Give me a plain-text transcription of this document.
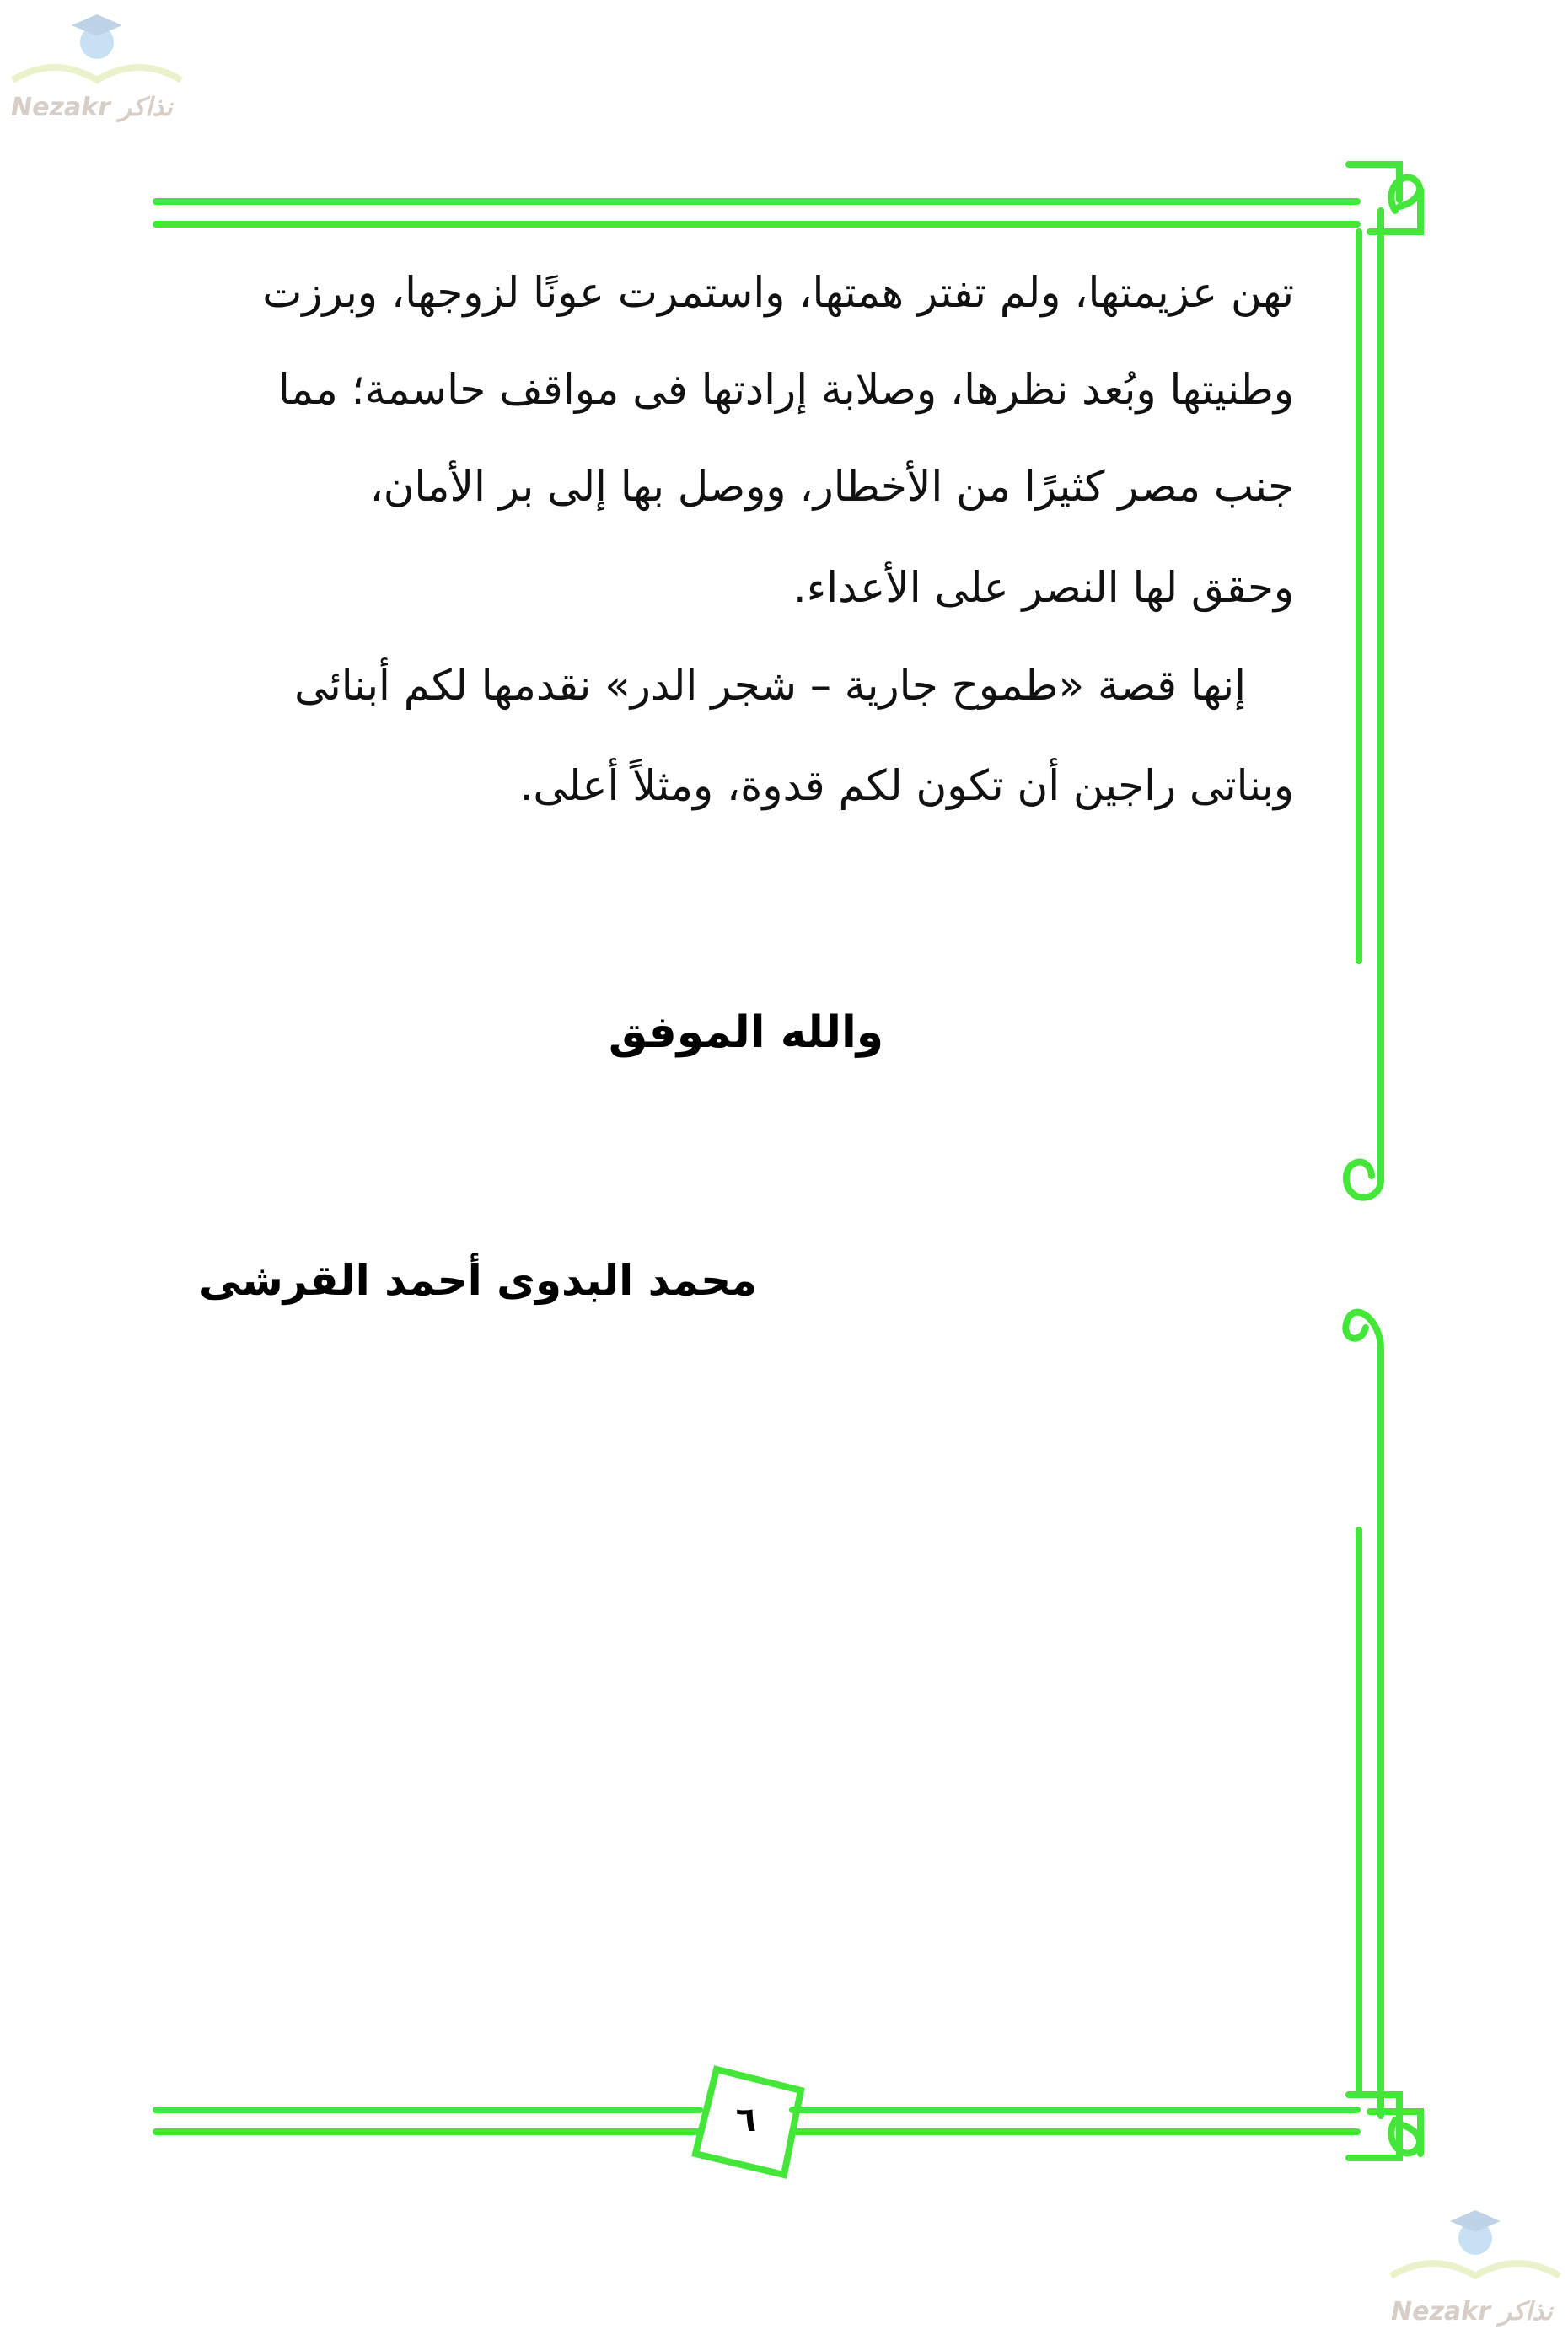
Nezakr نذاكر
Nezakr نذاكر
تهن عزيمتها، ولم تفتر همتها، واستمرت عونًا لزوجها، وبرزت
وطنيتها وبُعد نظرها، وصلابة إرادتها فى مواقف حاسمة؛ مما
جنب مصر كثيرًا من الأخطار، ووصل بها إلى بر الأمان،
وحقق لها النصر على الأعداء.
إنها قصة «طموح جارية – شجر الدر» نقدمها لكم أبنائى
وبناتى راجين أن تكون لكم قدوة، ومثلاً أعلى.
والله الموفق
محمد البدوى أحمد القرشى
٦
